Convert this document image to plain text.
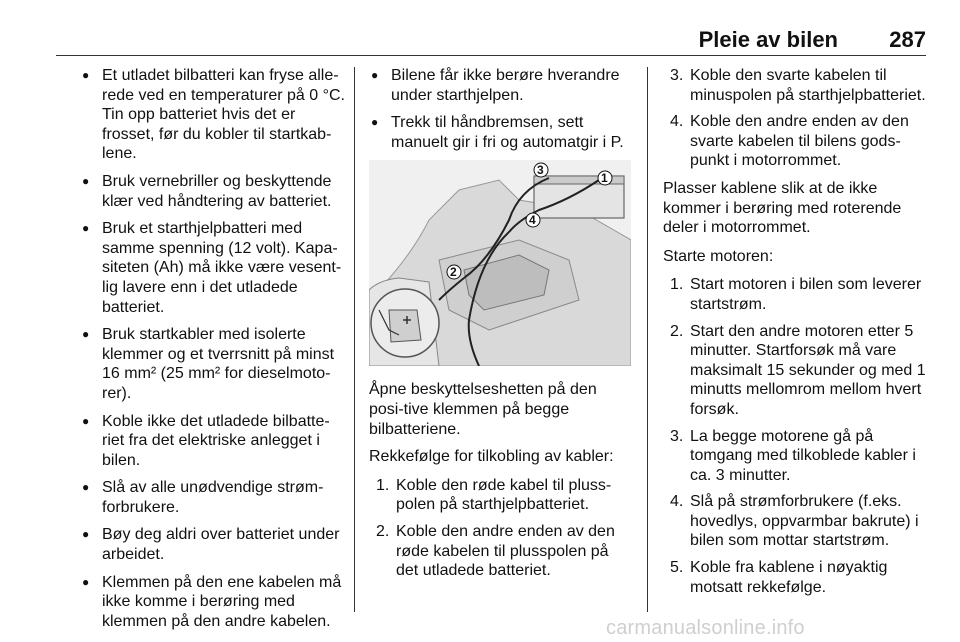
Pleie av bilen 287
● Et utladet bilbatteri kan fryse alle-rede ved en temperaturer på 0 °C. Tin opp batteriet hvis det er frosset, før du kobler til startkab-lene.
● Bruk vernebriller og beskyttende klær ved håndtering av batteriet.
● Bruk et starthjelpbatteri med samme spenning (12 volt). Kapa-siteten (Ah) må ikke være vesent-lig lavere enn i det utladede batteriet.
● Bruk startkabler med isolerte klemmer og et tverrsnitt på minst 16 mm² (25 mm² for dieselmoto-rer).
● Koble ikke det utladede bilbatte-riet fra det elektriske anlegget i bilen.
● Slå av alle unødvendige strøm-forbrukere.
● Bøy deg aldri over batteriet under arbeidet.
● Klemmen på den ene kabelen må ikke komme i berøring med klemmen på den andre kabelen.
● Bilene får ikke berøre hverandre under starthjelpen.
● Trekk til håndbremsen, sett manuelt gir i fri og automatgir i P.
1
2
3
4

Åpne beskyttelseshetten på den posi-tive klemmen på begge bilbatteriene.

Rekkefølge for tilkobling av kabler:

1. Koble den røde kabel til pluss-polen på starthjelpbatteriet.
2. Koble den andre enden av den røde kabelen til plusspolen på det utladede batteriet.
3. Koble den svarte kabelen til minuspolen på starthjelpbatteriet.
4. Koble den andre enden av den svarte kabelen til bilens gods-punkt i motorrommet.

Plasser kablene slik at de ikke kommer i berøring med roterende deler i motorrommet.

Starte motoren:

1. Start motoren i bilen som leverer startstrøm.
2. Start den andre motoren etter 5 minutter. Startforsøk må vare maksimalt 15 sekunder og med 1 minutts mellomrom mellom hvert forsøk.
3. La begge motorene gå på tomgang med tilkoblede kabler i ca. 3 minutter.
4. Slå på strømforbrukere (f.eks. hovedlys, oppvarmbar bakrute) i bilen som mottar startstrøm.
5. Koble fra kablene i nøyaktig motsatt rekkefølge.
carmanualsonline.info
